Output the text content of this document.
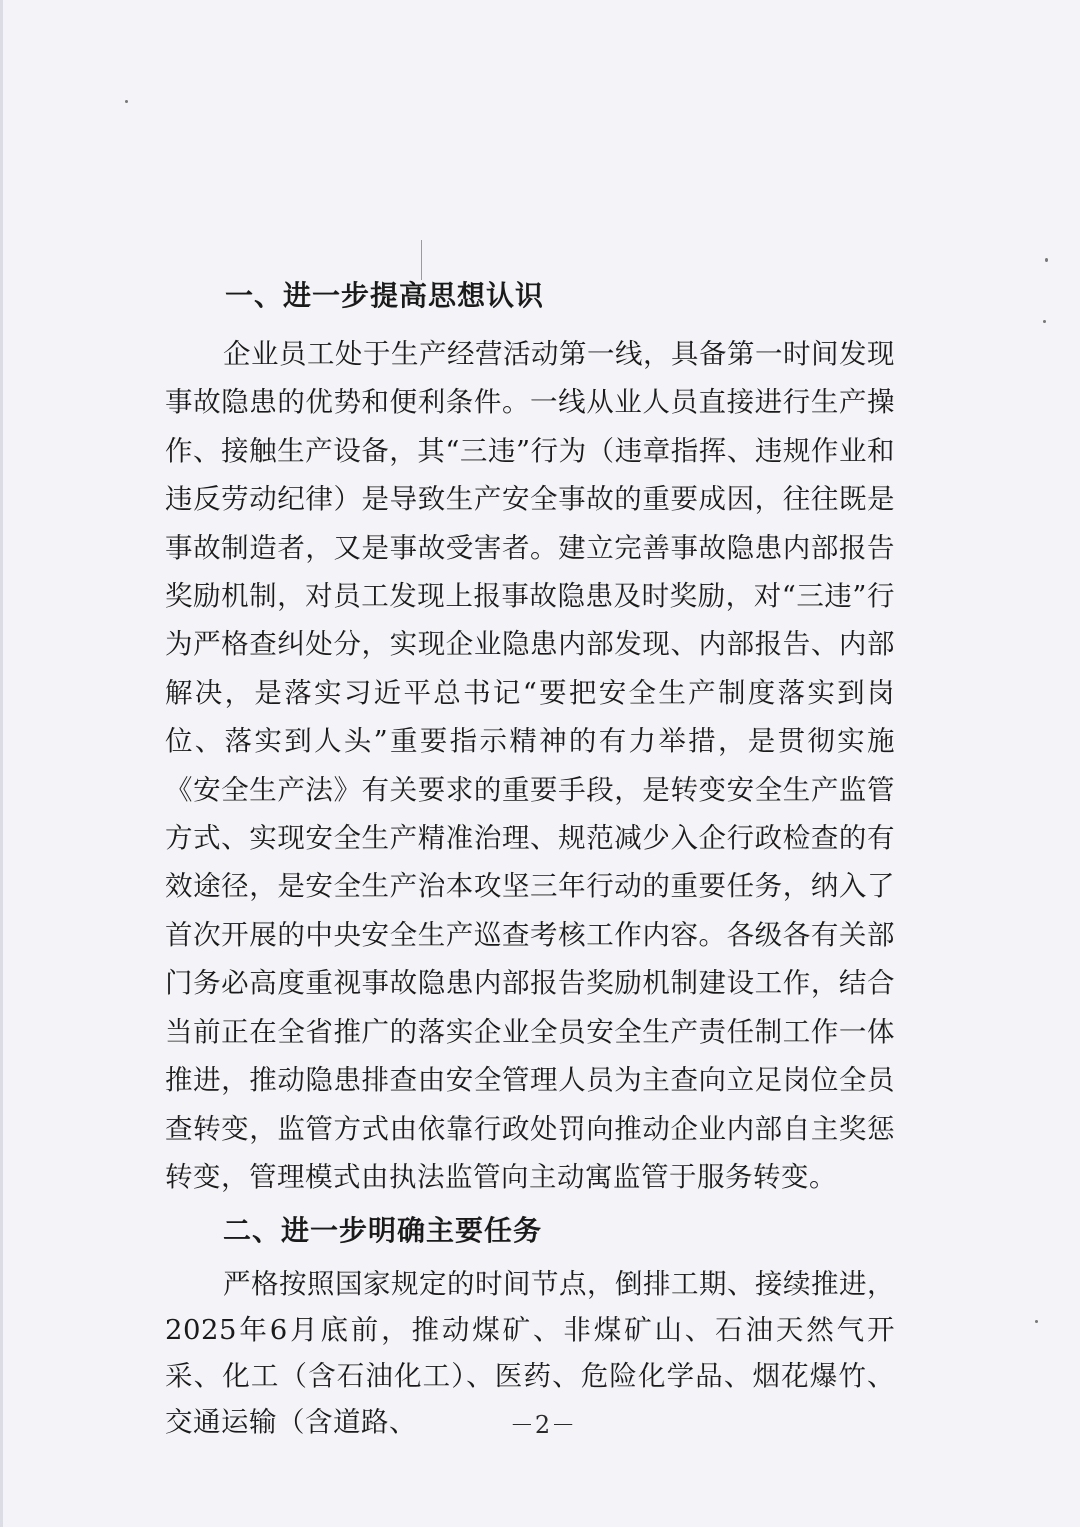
一、进一步提高思想认识
企业员工处于生产经营活动第一线，具备第一时间发现事故隐患的优势和便利条件。一线从业人员直接进行生产操作、接触生产设备，其“三违”行为（违章指挥、违规作业和违反劳动纪律）是导致生产安全事故的重要成因，往往既是事故制造者，又是事故受害者。建立完善事故隐患内部报告奖励机制，对员工发现上报事故隐患及时奖励，对“三违”行为严格查纠处分，实现企业隐患内部发现、内部报告、内部解决，是落实习近平总书记“要把安全生产制度落实到岗位、落实到人头”重要指示精神的有力举措，是贯彻实施《安全生产法》有关要求的重要手段，是转变安全生产监管方式、实现安全生产精准治理、规范减少入企行政检查的有效途径，是安全生产治本攻坚三年行动的重要任务，纳入了首次开展的中央安全生产巡查考核工作内容。各级各有关部门务必高度重视事故隐患内部报告奖励机制建设工作，结合当前正在全省推广的落实企业全员安全生产责任制工作一体推进，推动隐患排查由安全管理人员为主查向立足岗位全员查转变，监管方式由依靠行政处罚向推动企业内部自主奖惩转变，管理模式由执法监管向主动寓监管于服务转变。
二、进一步明确主要任务
严格按照国家规定的时间节点，倒排工期、接续推进，2025年6月底前，推动煤矿、非煤矿山、石油天然气开采、化工（含石油化工）、医药、危险化学品、烟花爆竹、交通运输（含道路、	－2－
